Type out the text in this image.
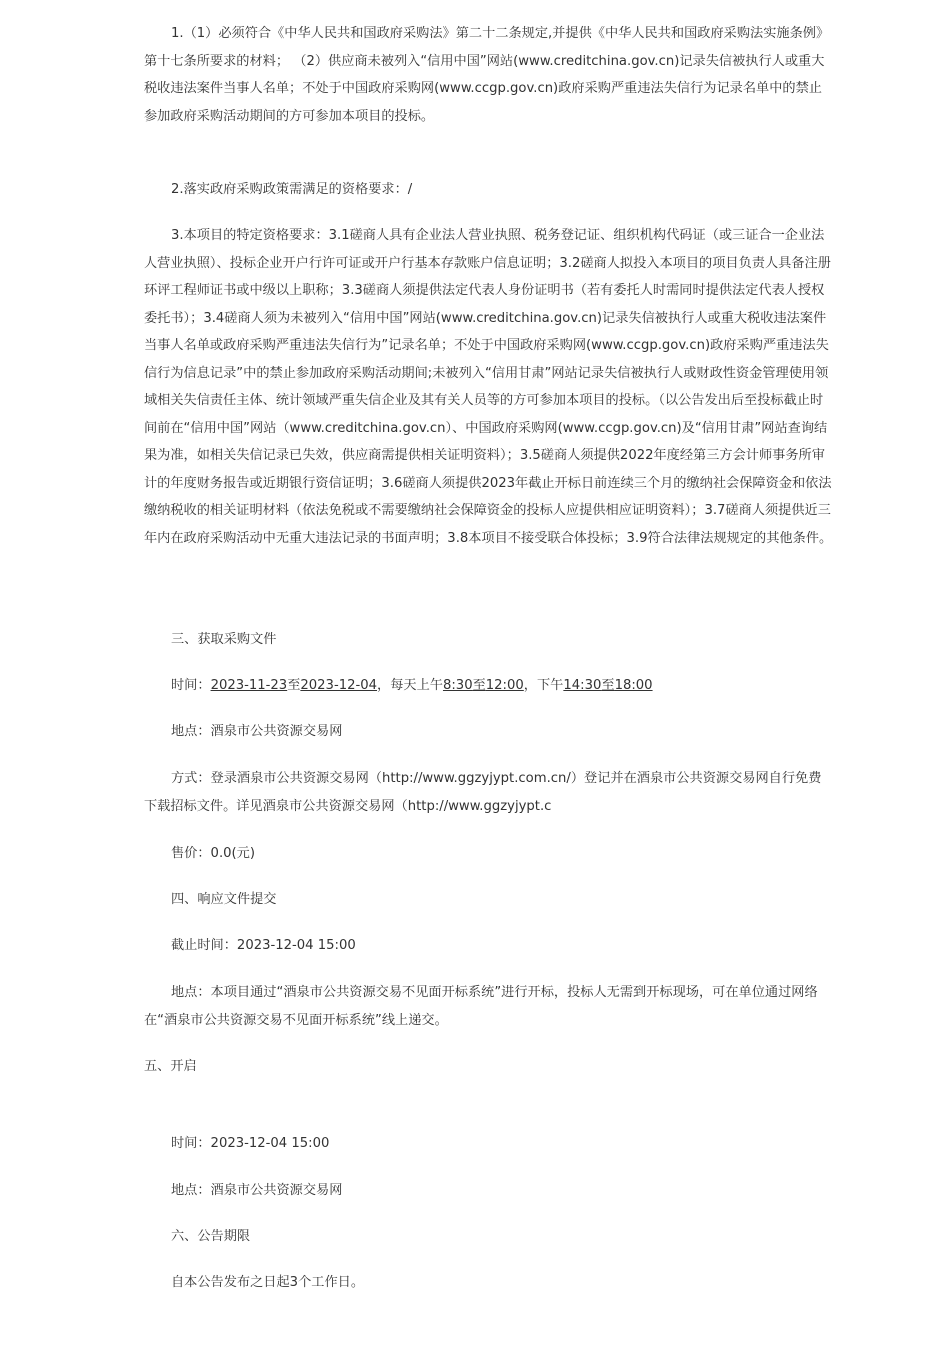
1.（1）必须符合《中华人民共和国政府采购法》第二十二条规定,并提供《中华人民共和国政府采购法实施条例》第十七条所要求的材料； （2）供应商未被列入“信用中国”网站(www.creditchina.gov.cn)记录失信被执行人或重大税收违法案件当事人名单；不处于中国政府采购网(www.ccgp.gov.cn)政府采购严重违法失信行为记录名单中的禁止参加政府采购活动期间的方可参加本项目的投标。

2.落实政府采购政策需满足的资格要求：/

3.本项目的特定资格要求：3.1磋商人具有企业法人营业执照、税务登记证、组织机构代码证（或三证合一企业法人营业执照）、投标企业开户行许可证或开户行基本存款账户信息证明；3.2磋商人拟投入本项目的项目负责人具备注册环评工程师证书或中级以上职称；3.3磋商人须提供法定代表人身份证明书（若有委托人时需同时提供法定代表人授权委托书）；3.4磋商人须为未被列入“信用中国”网站(www.creditchina.gov.cn)记录失信被执行人或重大税收违法案件当事人名单或政府采购严重违法失信行为”记录名单；不处于中国政府采购网(www.ccgp.gov.cn)政府采购严重违法失信行为信息记录”中的禁止参加政府采购活动期间;未被列入“信用甘肃”网站记录失信被执行人或财政性资金管理使用领域相关失信责任主体、统计领域严重失信企业及其有关人员等的方可参加本项目的投标。（以公告发出后至投标截止时间前在“信用中国”网站（www.creditchina.gov.cn）、中国政府采购网(www.ccgp.gov.cn)及“信用甘肃”网站查询结果为准，如相关失信记录已失效，供应商需提供相关证明资料）；3.5磋商人须提供2022年度经第三方会计师事务所审计的年度财务报告或近期银行资信证明；3.6磋商人须提供2023年截止开标日前连续三个月的缴纳社会保障资金和依法缴纳税收的相关证明材料（依法免税或不需要缴纳社会保障资金的投标人应提供相应证明资料）；3.7磋商人须提供近三年内在政府采购活动中无重大违法记录的书面声明；3.8本项目不接受联合体投标；3.9符合法律法规规定的其他条件。

三、获取采购文件

时间：2023-11-23至2023-12-04，每天上午8:30至12:00，下午14:30至18:00

地点：酒泉市公共资源交易网

方式：登录酒泉市公共资源交易网（http://www.ggzyjypt.com.cn/）登记并在酒泉市公共资源交易网自行免费下载招标文件。详见酒泉市公共资源交易网（http://www.ggzyjypt.c

售价：0.0(元)

四、响应文件提交

截止时间：2023-12-04 15:00

地点：本项目通过“酒泉市公共资源交易不见面开标系统”进行开标，投标人无需到开标现场，可在单位通过网络在“酒泉市公共资源交易不见面开标系统”线上递交。

五、开启

时间：2023-12-04 15:00

地点：酒泉市公共资源交易网

六、公告期限

自本公告发布之日起3个工作日。
